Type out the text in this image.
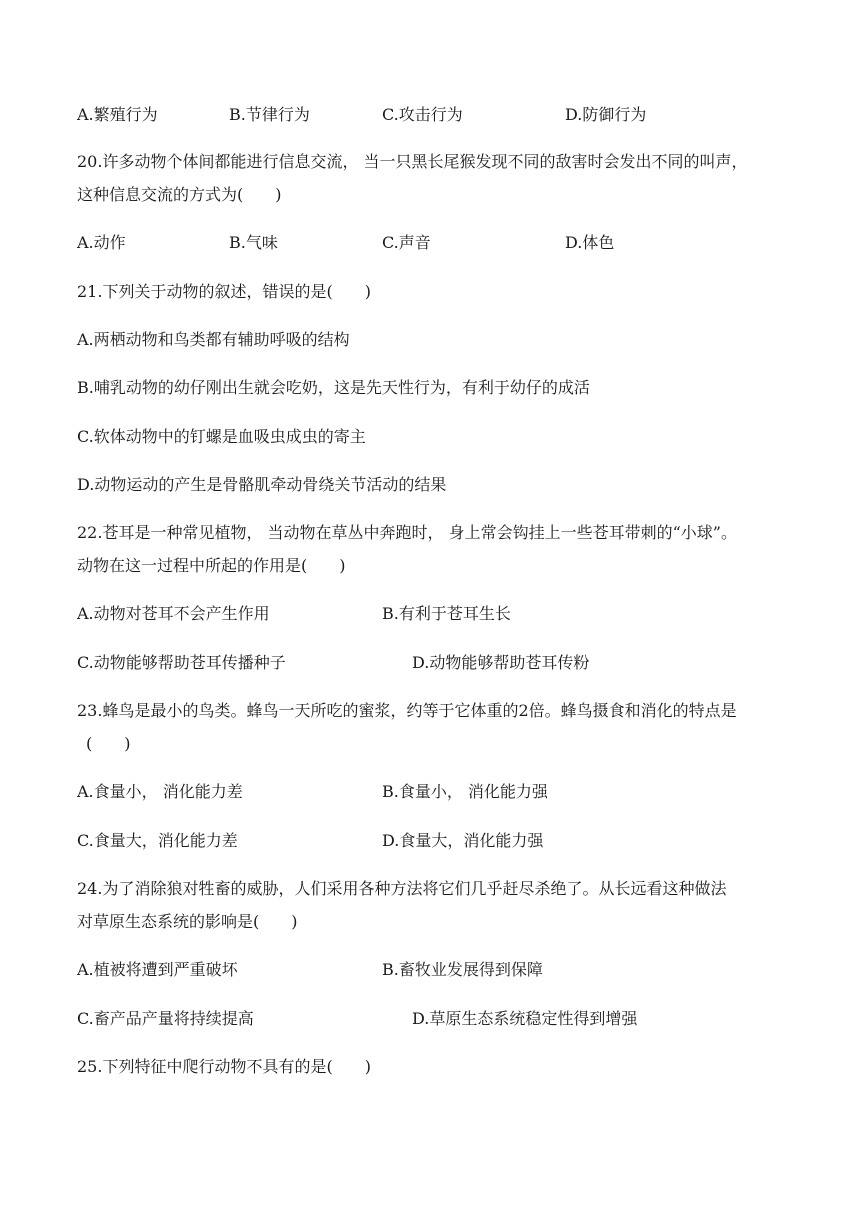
A.繁殖行为	B.节律行为	C.攻击行为	D.防御行为
20.许多动物个体间都能进行信息交流， 当一只黑长尾猴发现不同的敌害时会发出不同的叫声，
这种信息交流的方式为(　　)
A.动作	B.气味	C.声音	D.体色
21.下列关于动物的叙述，错误的是(　　)
A.两栖动物和鸟类都有辅助呼吸的结构
B.哺乳动物的幼仔刚出生就会吃奶，这是先天性行为，有利于幼仔的成活
C.软体动物中的钉螺是血吸虫成虫的寄主
D.动物运动的产生是骨骼肌牵动骨绕关节活动的结果
22.苍耳是一种常见植物， 当动物在草丛中奔跑时， 身上常会钩挂上一些苍耳带刺的“小球”。
动物在这一过程中所起的作用是(　　)
A.动物对苍耳不会产生作用	B.有利于苍耳生长
C.动物能够帮助苍耳传播种子	D.动物能够帮助苍耳传粉
23.蜂鸟是最小的鸟类。蜂鸟一天所吃的蜜浆，约等于它体重的2倍。蜂鸟摄食和消化的特点是
(　　)
A.食量小， 消化能力差	B.食量小， 消化能力强
C.食量大，消化能力差	D.食量大，消化能力强
24.为了消除狼对牲畜的威胁，人们采用各种方法将它们几乎赶尽杀绝了。从长远看这种做法
对草原生态系统的影响是(　　)
A.植被将遭到严重破坏	B.畜牧业发展得到保障
C.畜产品产量将持续提高	D.草原生态系统稳定性得到增强
25.下列特征中爬行动物不具有的是(　　)
